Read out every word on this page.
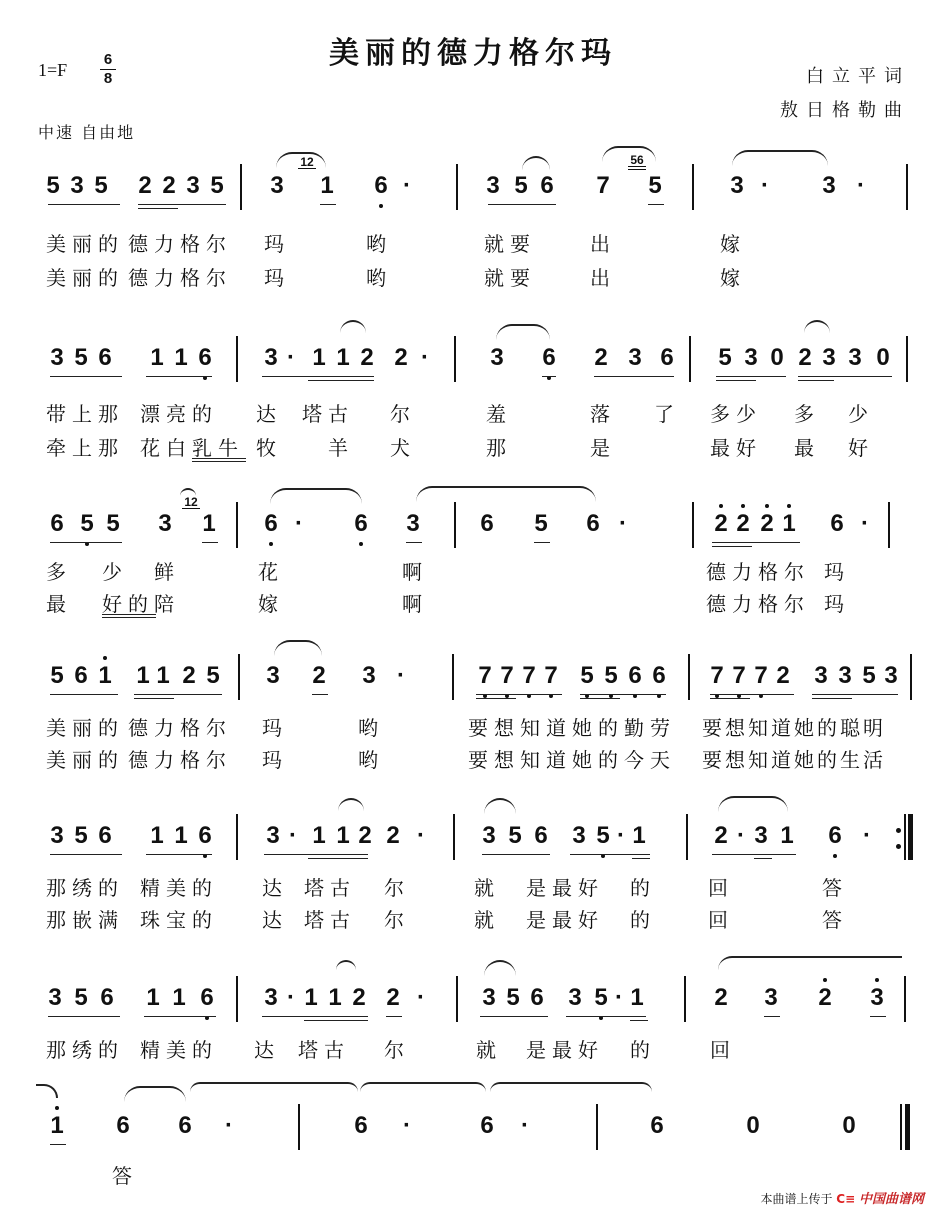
美丽的德力格尔玛
1=F
6
8	白立平词
敖日格勒曲
中速 自由地
5 3 5 2 2 3 5 3
12
1 6 ·	3 5 6 7
56
5	3 · 3 ·
美丽的 德力格尔 玛	哟	就要	出	嫁
美丽的 德力格尔 玛	哟	就要	出	嫁
3 5 6 1 1 6 3 · 1 1 2 2 ·	3 6 2 3 6 5 3 0 2 3 3 0
带上那 漂亮的 达 塔古 尔	羞	落 了 多少 多 少
牵上那 花白乳牛 牧 羊 犬	那	是	最好 最 好
6 5 5 3
12
1 6 · 6 3	6 5 6 ·	2 2 2 1 6 ·
多 少 鲜	花	啊	德力格尔 玛
最 好的陪	嫁	啊	德力格尔 玛
5 6 1 1 1 2 5 3 2 3 ·	7 7 7 7 5 5 6 6 7 7 7 2 3 3 5 3
美丽的 德力格尔 玛	哟	要想知道 她的勤劳 要想知道她的聪明
美丽的 德力格尔 玛	哟	要想知道 她的今天 要想知道她的生活
3 5 6 1 1 6 3 · 1 1 2 2 · 3 5 6 3 5 · 1	2 · 3 1 6 ·
那绣的 精美的 达 塔古 尔	就 是最好 的	回	答
那嵌满 珠宝的 达 塔古 尔	就 是最好 的	回	答
3 5 6 1 1 6 3 · 1 1 2 2 · 3 5 6 3 5 · 1	2 3 2 3
那绣的 精美的 达 塔古 尔	就 是最好 的	回
1 6 6 ·	6 ·	6 ·	6	0	0
答
本曲谱上传于 C≡ 中国曲谱网
